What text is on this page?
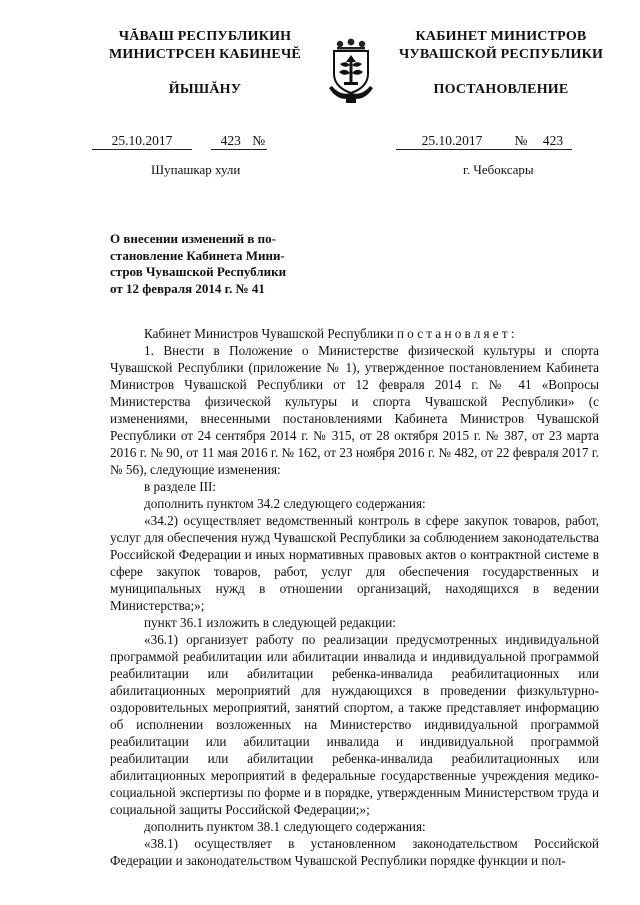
ЧĂВАШ РЕСПУБЛИКИН
МИНИСТРСЕН КАБИНЕЧĔ
ЙЫШĂНУ
КАБИНЕТ МИНИСТРОВ
ЧУВАШСКОЙ РЕСПУБЛИКИ
ПОСТАНОВЛЕНИЕ
25.10.2017	423 №	25.10.2017 № 423
Шупашкар хули	г. Чебоксары
О внесении изменений в по-
становление Кабинета Мини-
стров Чувашской Республики
от 12 февраля 2014 г. № 41

Кабинет Министров Чувашской Республики постановляет:

1. Внести в Положение о Министерстве физической культуры и спорта Чувашской Республики (приложение № 1), утвержденное постановлением Кабинета Министров Чувашской Республики от 12 февраля 2014 г. № 41 «Вопросы Министерства физической культуры и спорта Чувашской Республики» (с изменениями, внесенными постановлениями Кабинета Министров Чувашской Республики от 24 сентября 2014 г. № 315, от 28 октября 2015 г. № 387, от 23 марта 2016 г. № 90, от 11 мая 2016 г. № 162, от 23 ноября 2016 г. № 482, от 22 февраля 2017 г. № 56), следующие изменения:

в разделе III:

дополнить пунктом 34.2 следующего содержания:

«34.2) осуществляет ведомственный контроль в сфере закупок товаров, работ, услуг для обеспечения нужд Чувашской Республики за соблюдением законодательства Российской Федерации и иных нормативных правовых актов о контрактной системе в сфере закупок товаров, работ, услуг для обеспечения государственных и муниципальных нужд в отношении организаций, находящихся в ведении Министерства;»;

пункт 36.1 изложить в следующей редакции:

«36.1) организует работу по реализации предусмотренных индивидуальной программой реабилитации или абилитации инвалида и индивидуальной программой реабилитации или абилитации ребенка-инвалида реабилитационных или абилитационных мероприятий для нуждающихся в проведении физкультурно-оздоровительных мероприятий, занятий спортом, а также представляет информацию об исполнении возложенных на Министерство индивидуальной программой реабилитации или абилитации инвалида и индивидуальной программой реабилитации или абилитации ребенка-инвалида реабилитационных или абилитационных мероприятий в федеральные государственные учреждения медико-социальной экспертизы по форме и в порядке, утвержденным Министерством труда и социальной защиты Российской Федерации;»;

дополнить пунктом 38.1 следующего содержания:

«38.1) осуществляет в установленном законодательством Российской Федерации и законодательством Чувашской Республики порядке функции и пол-
